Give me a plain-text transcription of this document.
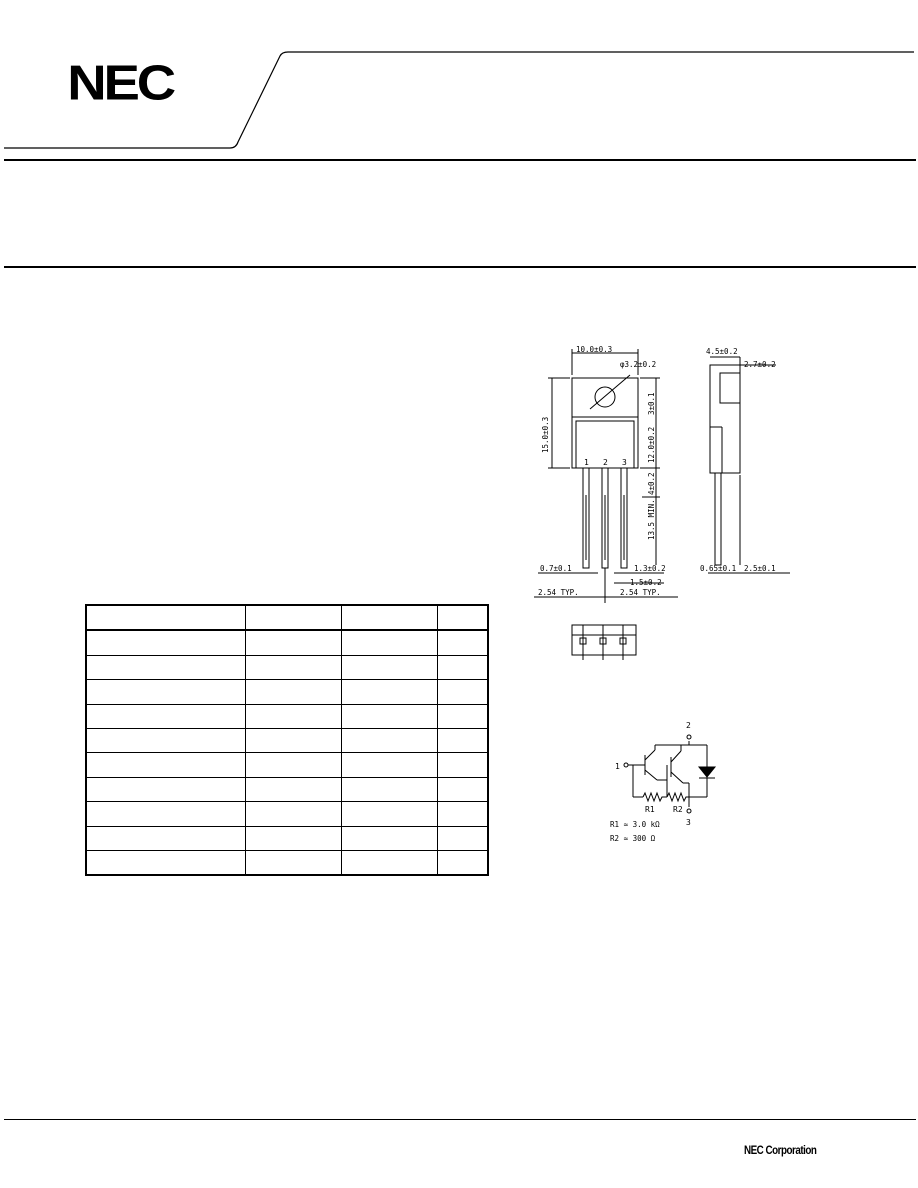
NEC

10.0±0.3
φ3.2±0.2
15.0±0.3
3±0.1
12.0±0.2
4±0.2
13.5 MIN.
1 2 3
0.7±0.1	1.3±0.2
1.5±0.2
2.54 TYP.	2.54 TYP.
4.5±0.2
2.7±0.2
0.65±0.1 2.5±0.1
1
2
3
R1 R2
R1 ≈ 3.0 kΩ
R2 ≈ 300 Ω
NEC Corporation
